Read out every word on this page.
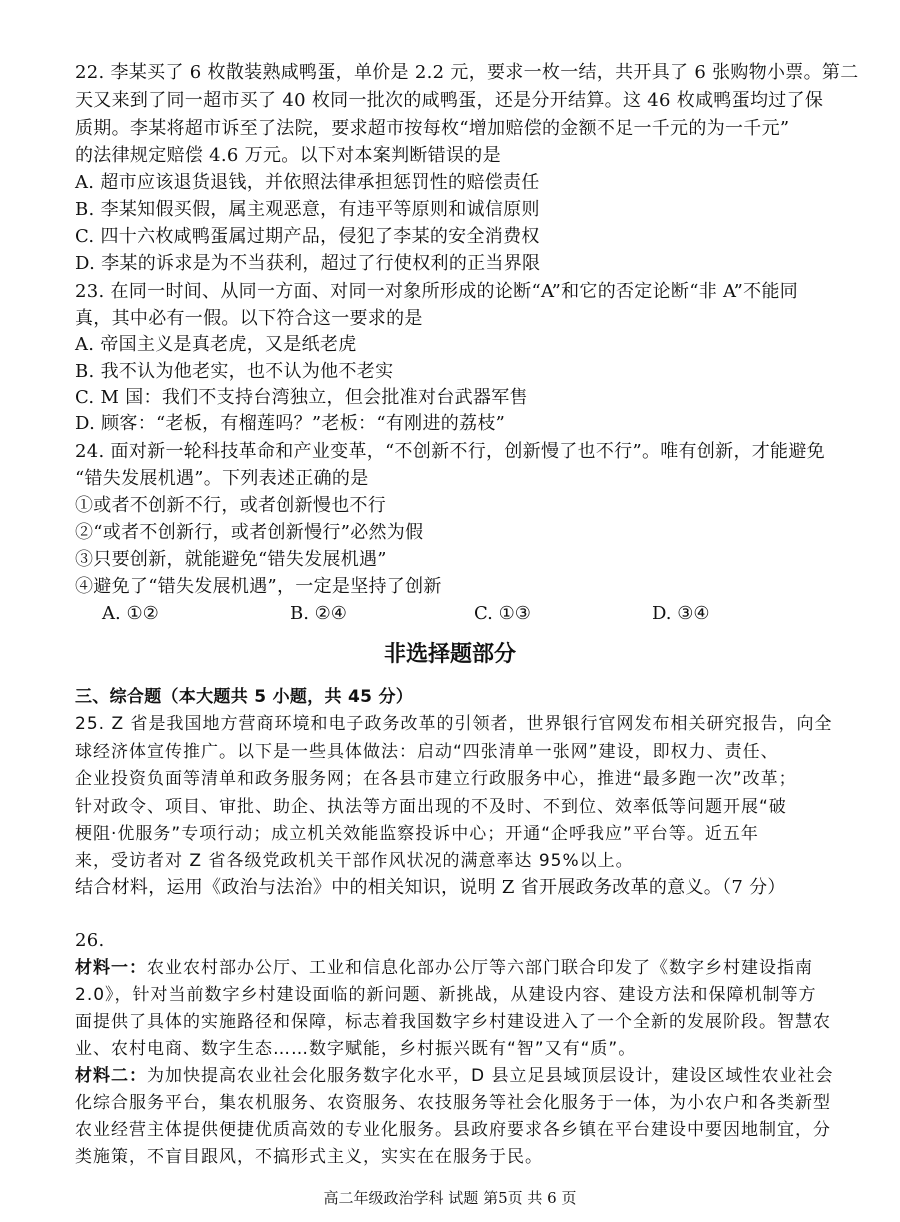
22. 李某买了 6 枚散装熟咸鸭蛋，单价是 2.2 元，要求一枚一结，共开具了 6 张购物小票。第二
天又来到了同一超市买了 40 枚同一批次的咸鸭蛋，还是分开结算。这 46 枚咸鸭蛋均过了保
质期。李某将超市诉至了法院，要求超市按每枚“增加赔偿的金额不足一千元的为一千元”
的法律规定赔偿 4.6 万元。以下对本案判断错误的是
A. 超市应该退货退钱，并依照法律承担惩罚性的赔偿责任
B. 李某知假买假，属主观恶意，有违平等原则和诚信原则
C. 四十六枚咸鸭蛋属过期产品，侵犯了李某的安全消费权
D. 李某的诉求是为不当获利，超过了行使权利的正当界限
23. 在同一时间、从同一方面、对同一对象所形成的论断“A”和它的否定论断“非 A”不能同
真，其中必有一假。以下符合这一要求的是
A. 帝国主义是真老虎，又是纸老虎
B. 我不认为他老实，也不认为他不老实
C. M 国：我们不支持台湾独立，但会批准对台武器军售
D. 顾客：“老板，有榴莲吗？”老板：“有刚进的荔枝”
24. 面对新一轮科技革命和产业变革，“不创新不行，创新慢了也不行”。唯有创新，才能避免
“错失发展机遇”。下列表述正确的是
①或者不创新不行，或者创新慢也不行
②“或者不创新行，或者创新慢行”必然为假
③只要创新，就能避免“错失发展机遇”
④避免了“错失发展机遇”，一定是坚持了创新
A. ①②	B. ②④	C. ①③	D. ③④
非选择题部分
三、综合题（本大题共 5 小题，共 45 分）
25. Z 省是我国地方营商环境和电子政务改革的引领者，世界银行官网发布相关研究报告，向全
球经济体宣传推广。以下是一些具体做法：启动“四张清单一张网”建设，即权力、责任、
企业投资负面等清单和政务服务网；在各县市建立行政服务中心，推进“最多跑一次”改革；
针对政令、项目、审批、助企、执法等方面出现的不及时、不到位、效率低等问题开展“破
梗阻·优服务”专项行动；成立机关效能监察投诉中心；开通“企呼我应”平台等。近五年
来，受访者对 Z 省各级党政机关干部作风状况的满意率达 95%以上。
结合材料，运用《政治与法治》中的相关知识，说明 Z 省开展政务改革的意义。（7 分）
26.
材料一：农业农村部办公厅、工业和信息化部办公厅等六部门联合印发了《数字乡村建设指南
2.0》，针对当前数字乡村建设面临的新问题、新挑战，从建设内容、建设方法和保障机制等方
面提供了具体的实施路径和保障，标志着我国数字乡村建设进入了一个全新的发展阶段。智慧农
业、农村电商、数字生态……数字赋能，乡村振兴既有“智”又有“质”。
材料二：为加快提高农业社会化服务数字化水平，D 县立足县域顶层设计，建设区域性农业社会
化综合服务平台，集农机服务、农资服务、农技服务等社会化服务于一体，为小农户和各类新型
农业经营主体提供便捷优质高效的专业化服务。县政府要求各乡镇在平台建设中要因地制宜，分
类施策，不盲目跟风，不搞形式主义，实实在在服务于民。
高二年级政治学科 试题 第5页 共 6 页
